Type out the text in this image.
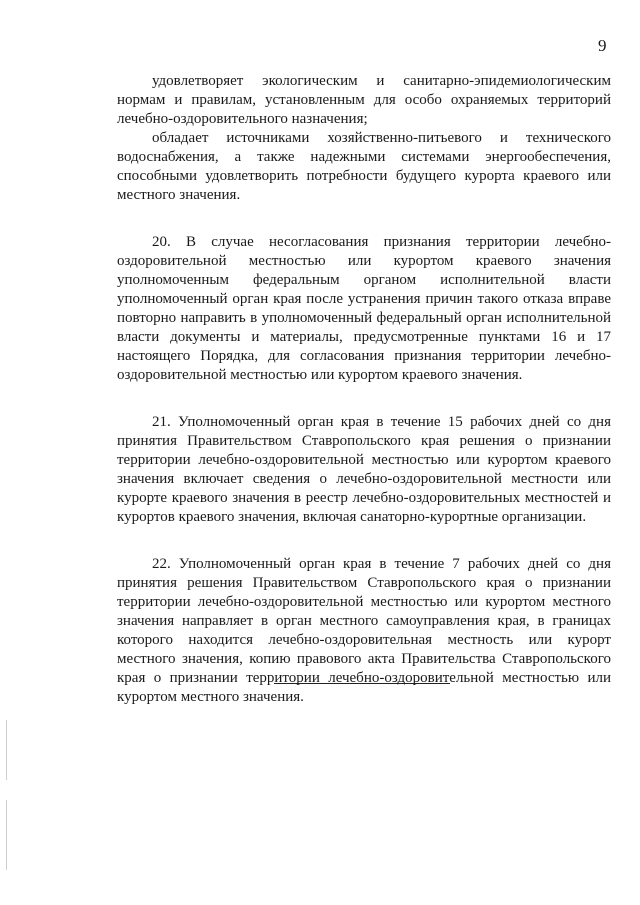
9

удовлетворяет экологическим и санитарно-эпидемиологическим нормам и правилам, установленным для особо охраняемых территорий лечебно-оздоровительного назначения;

обладает источниками хозяйственно-питьевого и технического водоснабжения, а также надежными системами энергообеспечения, способными удовлетворить потребности будущего курорта краевого или местного значения.

20. В случае несогласования признания территории лечебно-оздоровительной местностью или курортом краевого значения уполномоченным федеральным органом исполнительной власти уполномоченный орган края после устранения причин такого отказа вправе повторно направить в уполномоченный федеральный орган исполнительной власти документы и материалы, предусмотренные пунктами 16 и 17 настоящего Порядка, для согласования признания территории лечебно-оздоровительной местностью или курортом краевого значения.

21. Уполномоченный орган края в течение 15 рабочих дней со дня принятия Правительством Ставропольского края решения о признании территории лечебно-оздоровительной местностью или курортом краевого значения включает сведения о лечебно-оздоровительной местности или курорте краевого значения в реестр лечебно-оздоровительных местностей и курортов краевого значения, включая санаторно-курортные организации.

22. Уполномоченный орган края в течение 7 рабочих дней со дня принятия решения Правительством Ставропольского края о признании территории лечебно-оздоровительной местностью или курортом местного значения направляет в орган местного самоуправления края, в границах которого находится лечебно-оздоровительная местность или курорт местного значения, копию правового акта Правительства Ставропольского края о признании территории лечебно-оздоровительной местностью или курортом местного значения.
